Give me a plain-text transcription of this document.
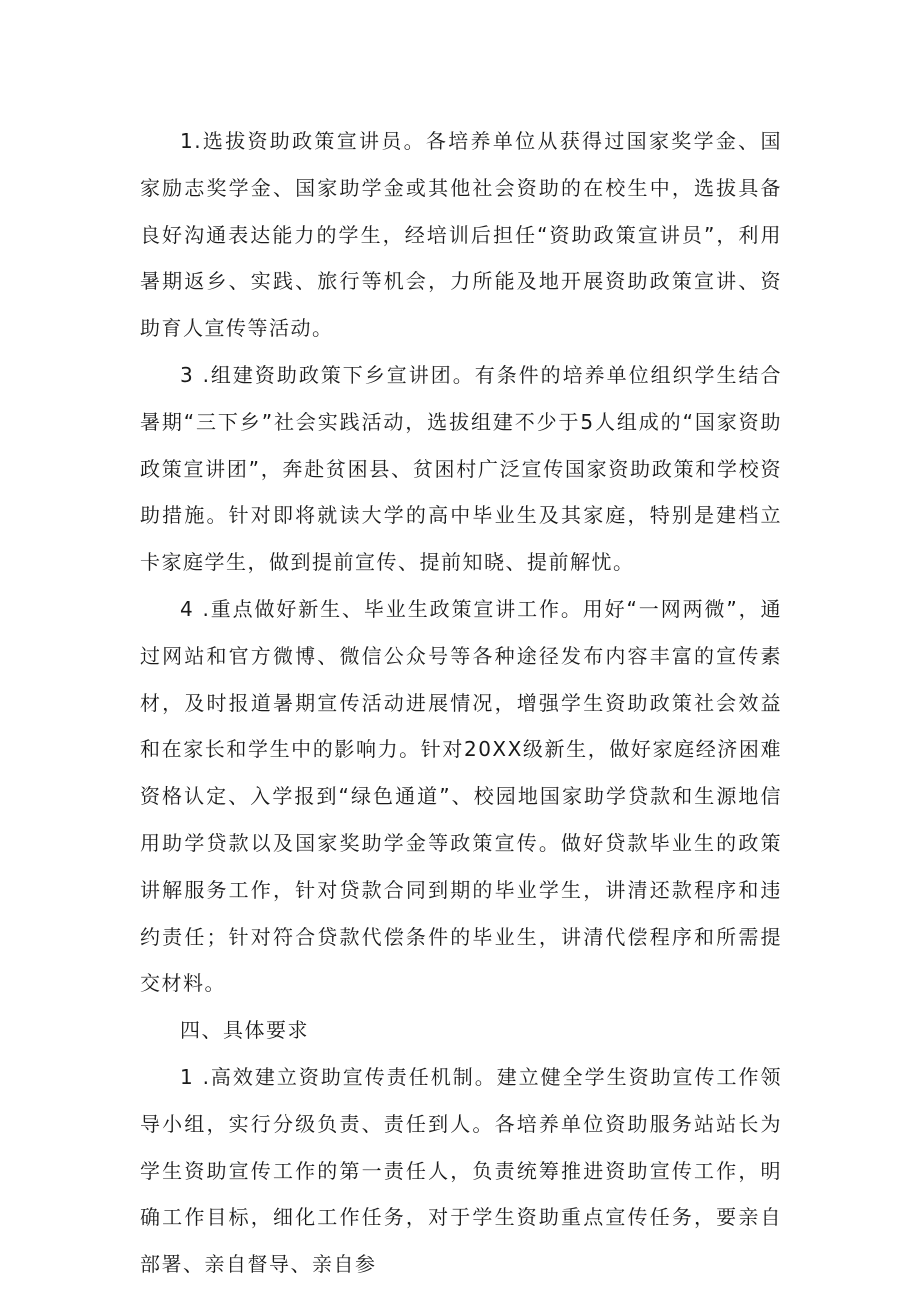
1.选拔资助政策宣讲员。各培养单位从获得过国家奖学金、国家励志奖学金、国家助学金或其他社会资助的在校生中，选拔具备良好沟通表达能力的学生，经培训后担任“资助政策宣讲员”，利用暑期返乡、实践、旅行等机会，力所能及地开展资助政策宣讲、资助育人宣传等活动。

3 .组建资助政策下乡宣讲团。有条件的培养单位组织学生结合暑期“三下乡”社会实践活动，选拔组建不少于5人组成的“国家资助政策宣讲团”，奔赴贫困县、贫困村广泛宣传国家资助政策和学校资助措施。针对即将就读大学的高中毕业生及其家庭，特别是建档立卡家庭学生，做到提前宣传、提前知晓、提前解忧。

4 .重点做好新生、毕业生政策宣讲工作。用好“一网两微”，通过网站和官方微博、微信公众号等各种途径发布内容丰富的宣传素材，及时报道暑期宣传活动进展情况，增强学生资助政策社会效益和在家长和学生中的影响力。针对20XX级新生，做好家庭经济困难资格认定、入学报到“绿色通道”、校园地国家助学贷款和生源地信用助学贷款以及国家奖助学金等政策宣传。做好贷款毕业生的政策讲解服务工作，针对贷款合同到期的毕业学生，讲清还款程序和违约责任；针对符合贷款代偿条件的毕业生，讲清代偿程序和所需提交材料。

四、具体要求

1 .高效建立资助宣传责任机制。建立健全学生资助宣传工作领导小组，实行分级负责、责任到人。各培养单位资助服务站站长为学生资助宣传工作的第一责任人，负责统筹推进资助宣传工作，明确工作目标，细化工作任务，对于学生资助重点宣传任务，要亲自部署、亲自督导、亲自参
